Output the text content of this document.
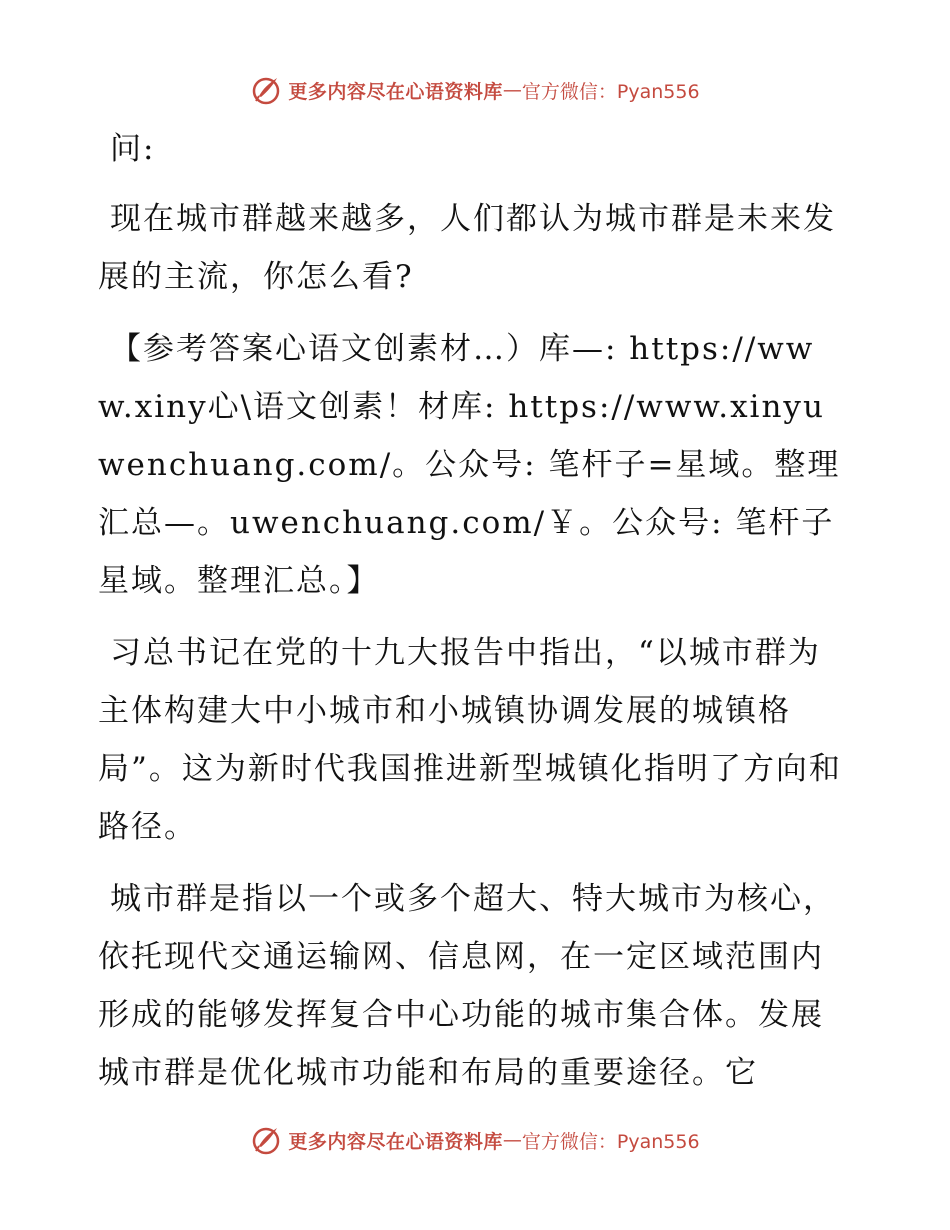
更多内容尽在心语资料库 — 官方微信：Pyan556

问:

现在城市群越来越多，人们都认为城市群是未来发展的主流，你怎么看?

【参考答案心语文创素材…）库—: https://www.xiny心\语文创素！材库: https://www.xinyuwenchuang.com/。公众号: 笔杆子=星域。整理汇总—。uwenchuang.com/￥。公众号: 笔杆子星域。整理汇总。】

习总书记在党的十九大报告中指出，“以城市群为主体构建大中小城市和小城镇协调发展的城镇格局”。这为新时代我国推进新型城镇化指明了方向和路径。

城市群是指以一个或多个超大、特大城市为核心，依托现代交通运输网、信息网，在一定区域范围内形成的能够发挥复合中心功能的城市集合体。发展城市群是优化城市功能和布局的重要途径。它

更多内容尽在心语资料库 — 官方微信：Pyan556
